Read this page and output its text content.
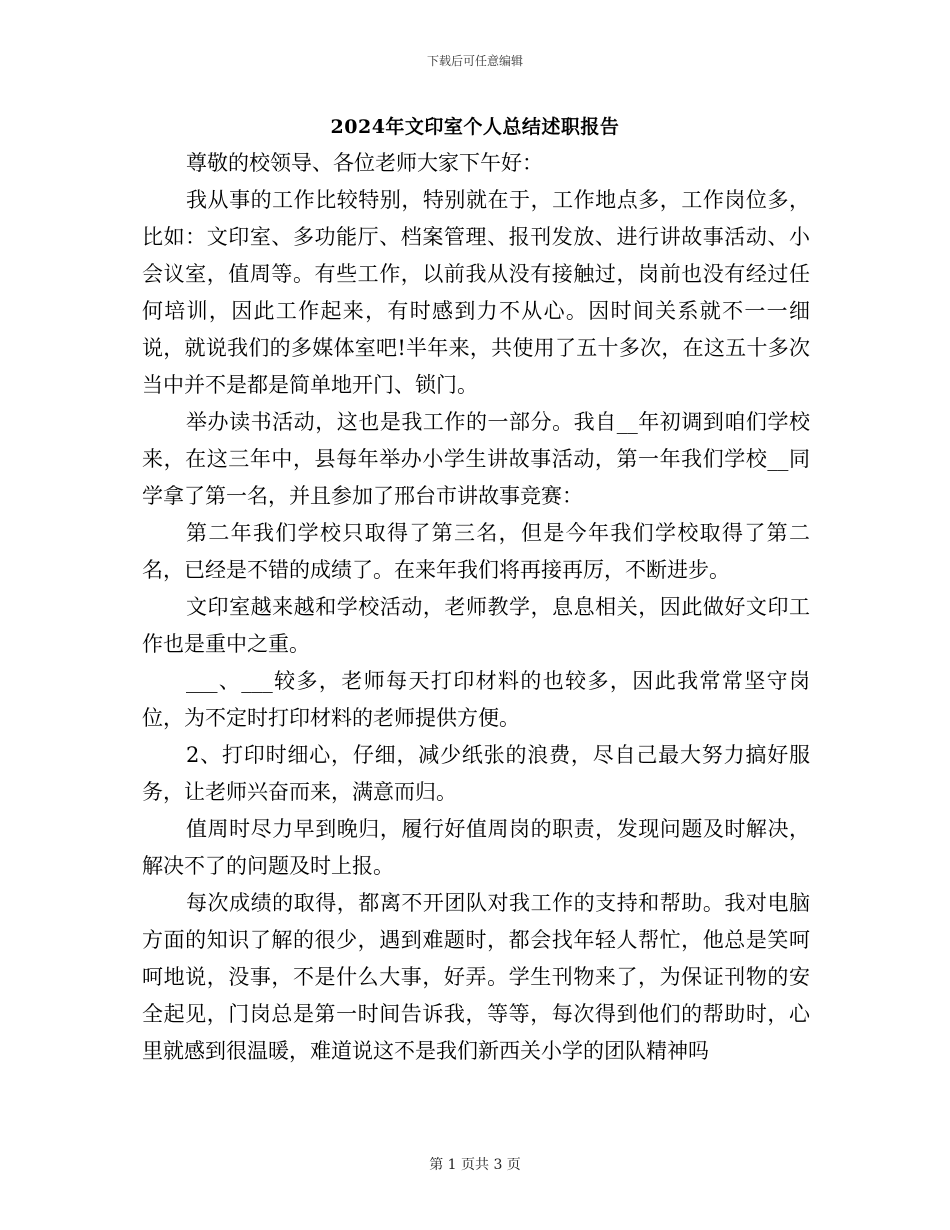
下载后可任意编辑
2024年文印室个人总结述职报告

尊敬的校领导、各位老师大家下午好：

我从事的工作比较特别，特别就在于，工作地点多，工作岗位多，比如：文印室、多功能厅、档案管理、报刊发放、进行讲故事活动、小会议室，值周等。有些工作，以前我从没有接触过，岗前也没有经过任何培训，因此工作起来，有时感到力不从心。因时间关系就不一一细说，就说我们的多媒体室吧!半年来，共使用了五十多次，在这五十多次当中并不是都是简单地开门、锁门。

举办读书活动，这也是我工作的一部分。我自__年初调到咱们学校来，在这三年中，县每年举办小学生讲故事活动，第一年我们学校__同学拿了第一名，并且参加了邢台市讲故事竞赛：

第二年我们学校只取得了第三名，但是今年我们学校取得了第二名，已经是不错的成绩了。在来年我们将再接再厉，不断进步。

文印室越来越和学校活动，老师教学，息息相关，因此做好文印工作也是重中之重。

___、___较多，老师每天打印材料的也较多，因此我常常坚守岗位，为不定时打印材料的老师提供方便。

2、打印时细心，仔细，减少纸张的浪费，尽自己最大努力搞好服务，让老师兴奋而来，满意而归。

值周时尽力早到晚归，履行好值周岗的职责，发现问题及时解决，解决不了的问题及时上报。

每次成绩的取得，都离不开团队对我工作的支持和帮助。我对电脑方面的知识了解的很少，遇到难题时，都会找年轻人帮忙，他总是笑呵呵地说，没事，不是什么大事，好弄。学生刊物来了，为保证刊物的安全起见，门岗总是第一时间告诉我，等等，每次得到他们的帮助时，心里就感到很温暖，难道说这不是我们新西关小学的团队精神吗

第 1 页共 3 页
